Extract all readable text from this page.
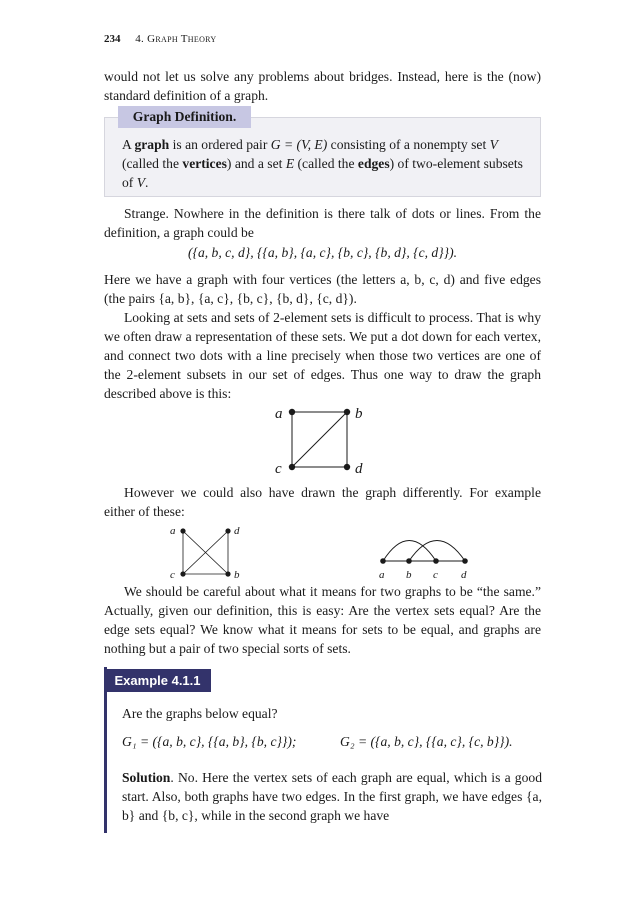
234 4. Graph Theory
would not let us solve any problems about bridges. Instead, here is the (now) standard definition of a graph.
Graph Definition.
A graph is an ordered pair G = (V, E) consisting of a nonempty set V (called the vertices) and a set E (called the edges) of two-element subsets of V.
Strange. Nowhere in the definition is there talk of dots or lines. From the definition, a graph could be
({a, b, c, d}, {{a, b}, {a, c}, {b, c}, {b, d}, {c, d}}).
Here we have a graph with four vertices (the letters a, b, c, d) and five edges (the pairs {a, b}, {a, c}, {b, c}, {b, d}, {c, d}).
Looking at sets and sets of 2-element sets is difficult to process. That is why we often draw a representation of these sets. We put a dot down for each vertex, and connect two dots with a line precisely when those two vertices are one of the 2-element subsets in our set of edges. Thus one way to draw the graph described above is this:
a	b
c	d
a	d
c	b	a b c d
However we could also have drawn the graph differently. For example either of these:
We should be careful about what it means for two graphs to be “the same.” Actually, given our definition, this is easy: Are the vertex sets equal? Are the edge sets equal? We know what it means for sets to be equal, and graphs are nothing but a pair of two special sorts of sets.
Example 4.1.1
Are the graphs below equal?
G₁ = ({a, b, c}, {{a, b}, {b, c}});	G₂ = ({a, b, c}, {{a, c}, {c, b}}).
Solution. No. Here the vertex sets of each graph are equal, which is a good start. Also, both graphs have two edges. In the first graph, we have edges {a, b} and {b, c}, while in the second graph we have
